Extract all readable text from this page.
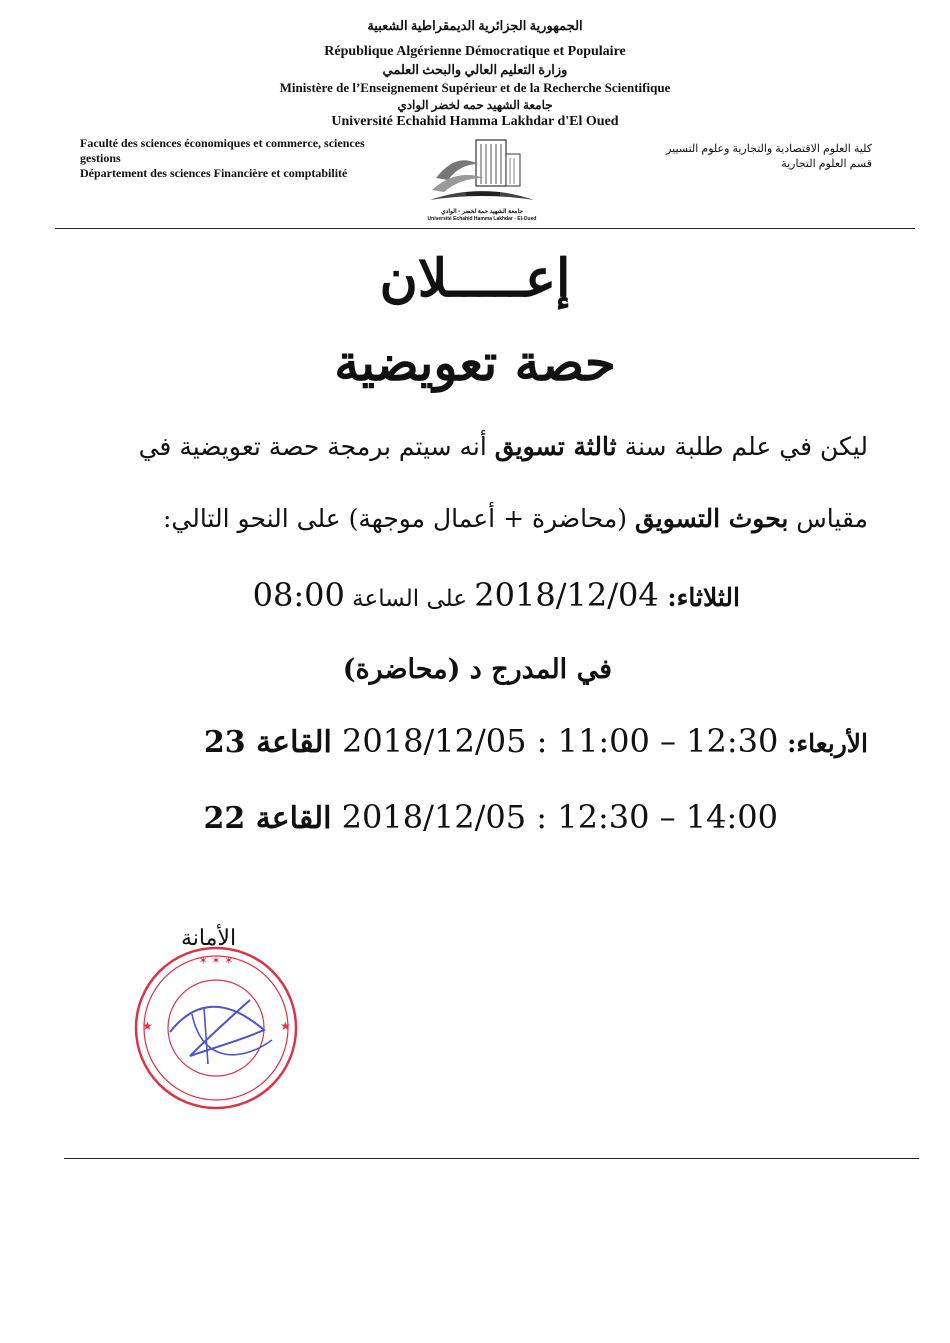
الجمهورية الجزائرية الديمقراطية الشعبية
République Algérienne Démocratique et Populaire
وزارة التعليم العالي والبحث العلمي
Ministère de l’Enseignement Supérieur et de la Recherche Scientifique
جامعة الشهيد حمه لخضر الوادي
Université Echahid Hamma Lakhdar d'El Oued
Faculté des sciences économiques et commerce, sciences
gestions
Département des sciences Financière et comptabilité
كلية العلوم الاقتصادية والتجارية وعلوم التسيير
قسم العلوم التجارية
جامعة الشهيد حمة لخضر - الوادي
Université Echahid Hamma Lakhdar - El-Oued
إعـــــلان
حصة تعويضية
ليكن في علم طلبة سنة ثالثة تسويق أنه سيتم برمجة حصة تعويضية في
مقياس بحوث التسويق (محاضرة + أعمال موجهة) على النحو التالي:
الثلاثاء: 2018/12/04 على الساعة 08:00
في المدرج د (محاضرة)
الأربعاء: 2018/12/05 : 11:00 – 12:30 القاعة 23
2018/12/05 : 12:30 – 14:00 القاعة 22
الأمانة
✶ ✶ ✶
★	★
